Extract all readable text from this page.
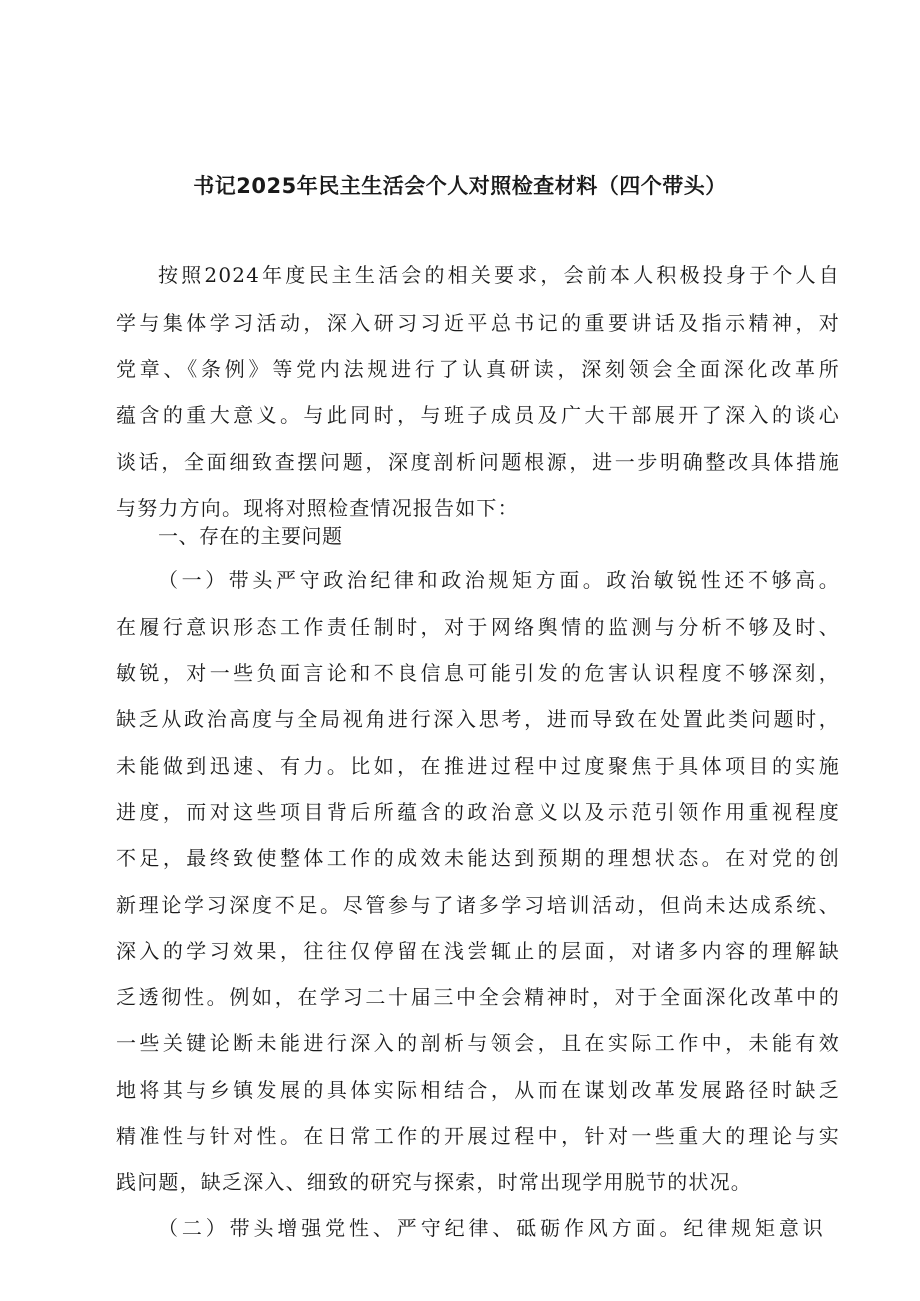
书记2025年民主生活会个人对照检查材料（四个带头）
按照2024年度民主生活会的相关要求，会前本人积极投身于个人自
学与集体学习活动，深入研习习近平总书记的重要讲话及指示精神，对
党章、《条例》等党内法规进行了认真研读，深刻领会全面深化改革所
蕴含的重大意义。与此同时，与班子成员及广大干部展开了深入的谈心
谈话，全面细致查摆问题，深度剖析问题根源，进一步明确整改具体措施
与努力方向。现将对照检查情况报告如下：
一、存在的主要问题
（一）带头严守政治纪律和政治规矩方面。政治敏锐性还不够高。
在履行意识形态工作责任制时，对于网络舆情的监测与分析不够及时、
敏锐，对一些负面言论和不良信息可能引发的危害认识程度不够深刻，
缺乏从政治高度与全局视角进行深入思考，进而导致在处置此类问题时，
未能做到迅速、有力。比如，在推进过程中过度聚焦于具体项目的实施
进度，而对这些项目背后所蕴含的政治意义以及示范引领作用重视程度
不足，最终致使整体工作的成效未能达到预期的理想状态。在对党的创
新理论学习深度不足。尽管参与了诸多学习培训活动，但尚未达成系统、
深入的学习效果，往往仅停留在浅尝辄止的层面，对诸多内容的理解缺
乏透彻性。例如，在学习二十届三中全会精神时，对于全面深化改革中的
一些关键论断未能进行深入的剖析与领会，且在实际工作中，未能有效
地将其与乡镇发展的具体实际相结合，从而在谋划改革发展路径时缺乏
精准性与针对性。在日常工作的开展过程中，针对一些重大的理论与实
践问题，缺乏深入、细致的研究与探索，时常出现学用脱节的状况。
（二）带头增强党性、严守纪律、砥砺作风方面。纪律规矩意识
